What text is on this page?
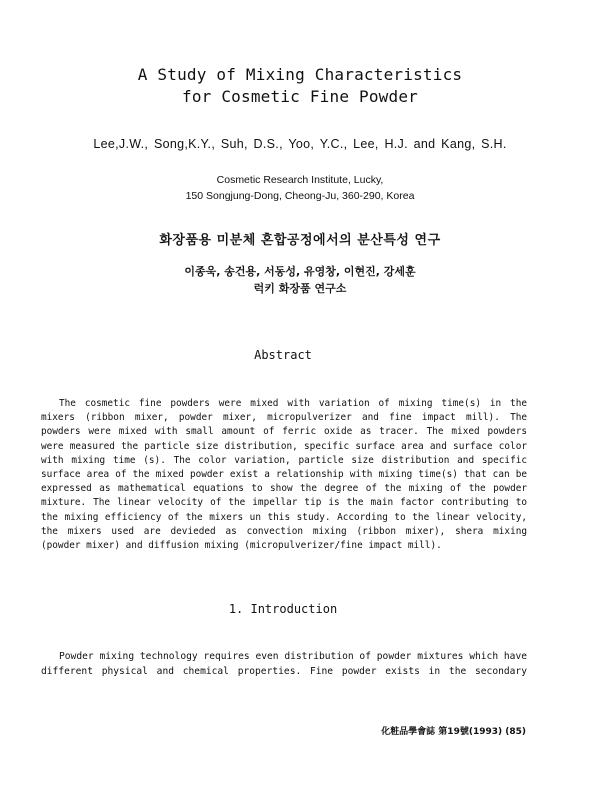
A Study of Mixing Characteristics
for Cosmetic Fine Powder
Lee,J.W., Song,K.Y., Suh, D.S., Yoo, Y.C., Lee, H.J. and Kang, S.H.
Cosmetic Research Institute, Lucky,
150 Songjung-Dong, Cheong-Ju, 360-290, Korea
화장품용 미분체 혼합공정에서의 분산특성 연구
이종욱, 송건용, 서동성, 유영창, 이현진, 강세훈
럭키 화장품 연구소
Abstract
The cosmetic fine powders were mixed with variation of mixing time(s) in the
mixers (ribbon mixer, powder mixer, micropulverizer and fine impact mill). The
powders were mixed with small amount of ferric oxide as tracer. The mixed powders
were measured the particle size distribution, specific surface area and surface color
with mixing time (s). The color variation, particle size distribution and specific
surface area of the mixed powder exist a relationship with mixing time(s) that can be
expressed as mathematical equations to show the degree of the mixing of the powder
mixture. The linear velocity of the impellar tip is the main factor contributing to
the mixing efficiency of the mixers un this study. According to the linear velocity,
the mixers used are devieded as convection mixing (ribbon mixer), shera mixing
(powder mixer) and diffusion mixing (micropulverizer/fine impact mill).
1. Introduction
Powder mixing technology requires even distribution of powder mixtures which have
different physical and chemical properties. Fine powder exists in the secondary
化粧品學會誌 第19號(1993) (85)
